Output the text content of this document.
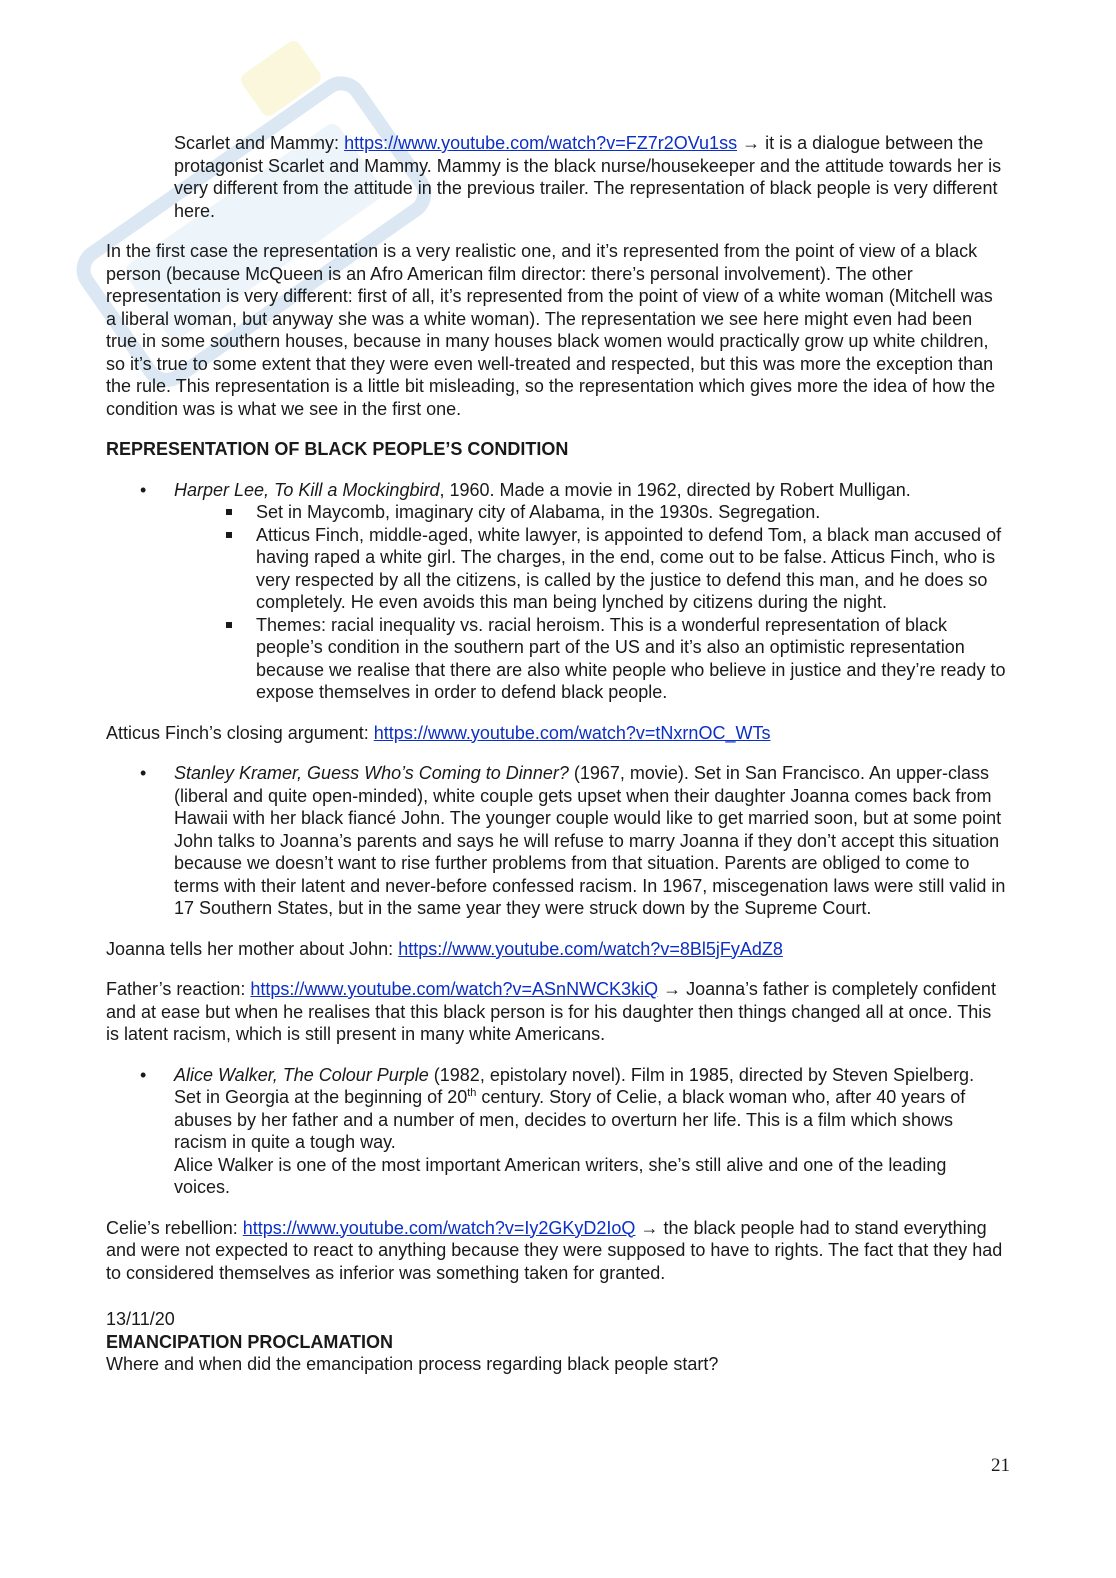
Scarlet and Mammy: https://www.youtube.com/watch?v=FZ7r2OVu1ss → it is a dialogue between the protagonist Scarlet and Mammy. Mammy is the black nurse/housekeeper and the attitude towards her is very different from the attitude in the previous trailer. The representation of black people is very different here.

In the first case the representation is a very realistic one, and it’s represented from the point of view of a black person (because McQueen is an Afro American film director: there’s personal involvement). The other representation is very different: first of all, it’s represented from the point of view of a white woman (Mitchell was a liberal woman, but anyway she was a white woman). The representation we see here might even had been true in some southern houses, because in many houses black women would practically grow up white children, so it’s true to some extent that they were even well-treated and respected, but this was more the exception than the rule. This representation is a little bit misleading, so the representation which gives more the idea of how the condition was is what we see in the first one.

REPRESENTATION OF BLACK PEOPLE’S CONDITION

• Harper Lee, To Kill a Mockingbird, 1960. Made a movie in 1962, directed by Robert Mulligan.
Set in Maycomb, imaginary city of Alabama, in the 1930s. Segregation.
Atticus Finch, middle-aged, white lawyer, is appointed to defend Tom, a black man accused of having raped a white girl. The charges, in the end, come out to be false. Atticus Finch, who is very respected by all the citizens, is called by the justice to defend this man, and he does so completely. He even avoids this man being lynched by citizens during the night.
Themes: racial inequality vs. racial heroism. This is a wonderful representation of black people’s condition in the southern part of the US and it’s also an optimistic representation because we realise that there are also white people who believe in justice and they’re ready to expose themselves in order to defend black people.

Atticus Finch’s closing argument: https://www.youtube.com/watch?v=tNxrnOC_WTs

• Stanley Kramer, Guess Who’s Coming to Dinner? (1967, movie). Set in San Francisco. An upper-class (liberal and quite open-minded), white couple gets upset when their daughter Joanna comes back from Hawaii with her black fiancé John. The younger couple would like to get married soon, but at some point John talks to Joanna’s parents and says he will refuse to marry Joanna if they don’t accept this situation because we doesn’t want to rise further problems from that situation. Parents are obliged to come to terms with their latent and never-before confessed racism. In 1967, miscegenation laws were still valid in 17 Southern States, but in the same year they were struck down by the Supreme Court.

Joanna tells her mother about John: https://www.youtube.com/watch?v=8Bl5jFyAdZ8

Father’s reaction: https://www.youtube.com/watch?v=ASnNWCK3kiQ → Joanna’s father is completely confident and at ease but when he realises that this black person is for his daughter then things changed all at once. This is latent racism, which is still present in many white Americans.

• Alice Walker, The Colour Purple (1982, epistolary novel). Film in 1985, directed by Steven Spielberg. Set in Georgia at the beginning of 20th century. Story of Celie, a black woman who, after 40 years of abuses by her father and a number of men, decides to overturn her life. This is a film which shows racism in quite a tough way.
Alice Walker is one of the most important American writers, she’s still alive and one of the leading voices.

Celie’s rebellion: https://www.youtube.com/watch?v=Iy2GKyD2IoQ → the black people had to stand everything and were not expected to react to anything because they were supposed to have to rights. The fact that they had to considered themselves as inferior was something taken for granted.

13/11/20

EMANCIPATION PROCLAMATION

Where and when did the emancipation process regarding black people start?

21
